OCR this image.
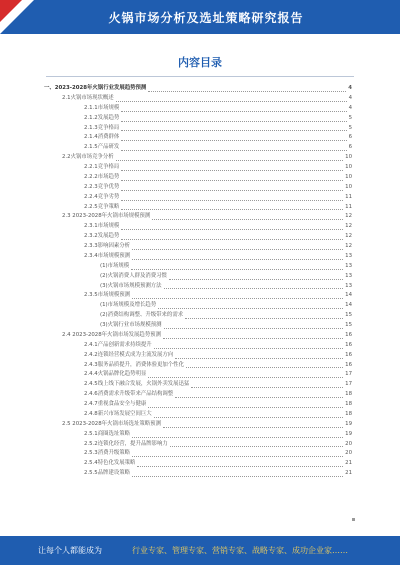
火锅市场分析及选址策略研究报告
内容目录
一、2023-2028年火锅行业发展趋势预测	4
2.1火锅市场现状概述	4
2.1.1市场规模	4
2.1.2发展趋势	5
2.1.3竞争格局	5
2.1.4消费群体	6
2.1.5产品研发	6
2.2火锅市场竞争分析	10
2.2.1竞争格局	10
2.2.2市场趋势	10
2.2.3竞争优势	10
2.2.4竞争劣势	11
2.2.5竞争策略	11
2.3 2023-2028年火锅市场规模预测	12
2.3.1市场规模	12
2.3.2发展趋势	12
2.3.3影响因素分析	12
2.3.4市场规模预测	13
(1)市场规模	13
(2)火锅消费人群及消费习惯	13
(3)火锅市场规模预测方法	13
2.3.5市场规模预测	14
(1)市场规模及增长趋势	14
(2)消费结构调整、升级带来的需求	15
(3)火锅行业市场规模预测	15
2.4 2023-2028年火锅市场发展趋势预测	16
2.4.1产品创新需求持续提升	16
2.4.2连锁经营模式成为主流发展方向	16
2.4.3服务品质提升，消费体验更加个性化	16
2.4.4火锅品牌化趋势明显	17
2.4.5线上线下融合发展，火锅外卖发展迅猛	17
2.4.6消费需求升级带来产品结构调整	18
2.4.7重视食品安全与健康	18
2.4.8新兴市场发展空间巨大	18
2.5 2023-2028年火锅市场选址策略预测	19
2.5.1商圈选址策略	19
2.5.2连锁化经营，提升品牌影响力	20
2.5.3消费升级策略	20
2.5.4特色化发展策略	21
2.5.5品牌建设策略	21
让每个人都能成为	行业专家、管理专家、营销专家、战略专家、成功企业家……
